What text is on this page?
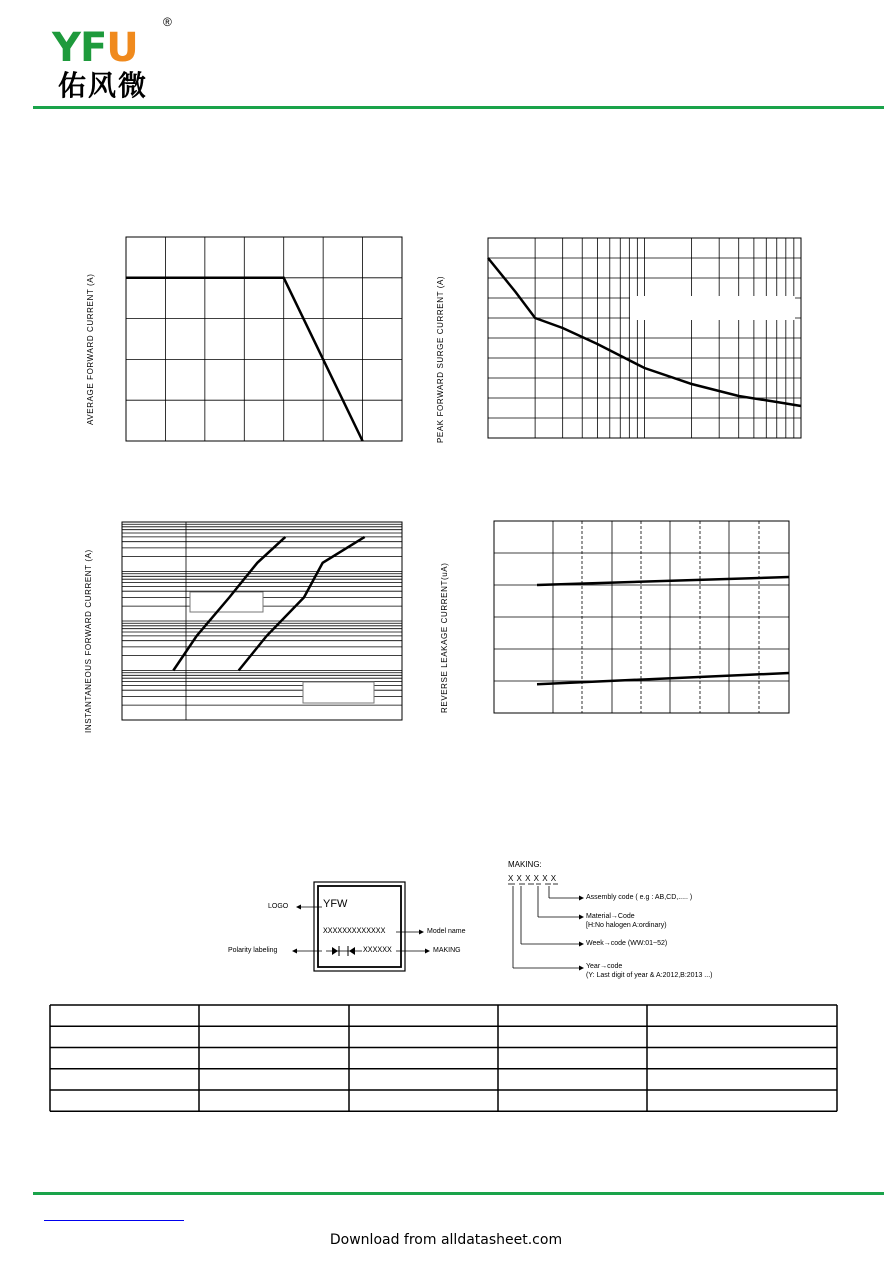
YFU
®
佑风微
AVERAGE FORWARD CURRENT (A)	PEAK FORWARD SURGE CURRENT (A)
INSTANTANEOUS FORWARD CURRENT (A)	REVERSE LEAKAGE CURRENT(uA)
YFW
LOGO
XXXXXXXXXXXXX	Model name
XXXXXX
Polarity labeling	MAKING
MAKING:
X X X X X X
Assembly code ( e.g : AB,CD,..... )
Material→Code
[H:No halogen A:ordinary)
Week→code (WW:01~52)
Year→code
(Y: Last digit of year & A:2012,B:2013 ...)
Download from alldatasheet.com
